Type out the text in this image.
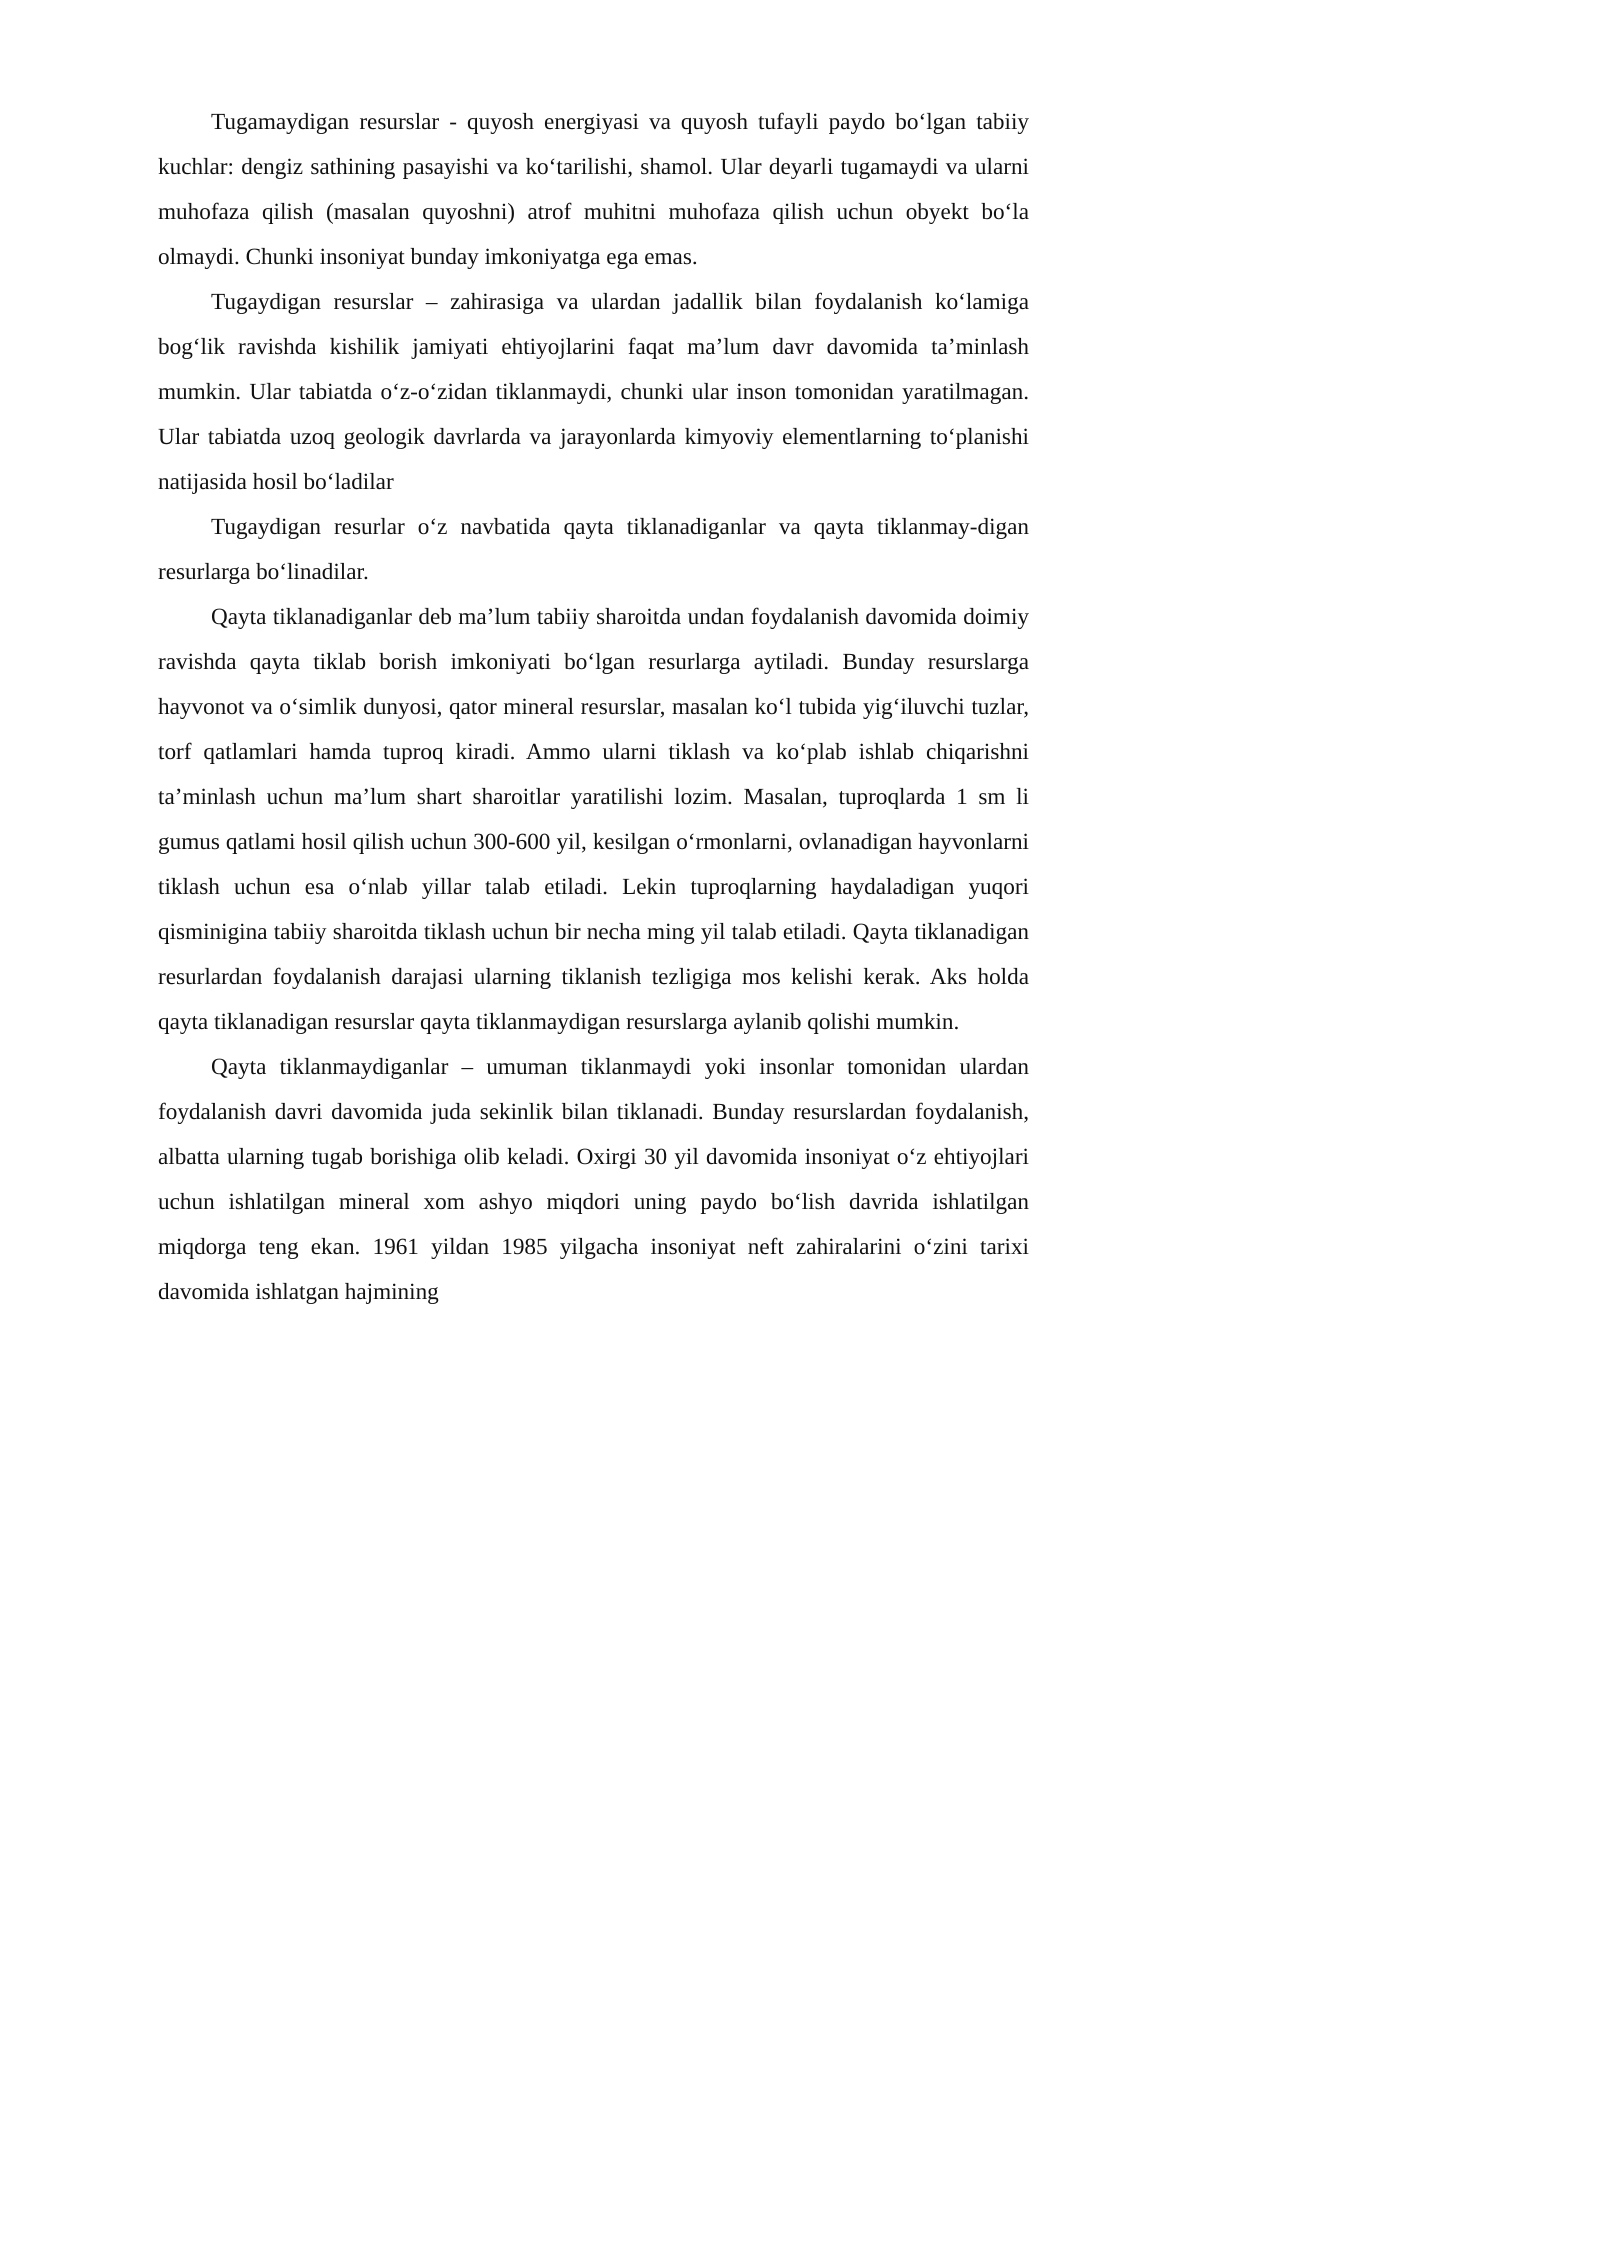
Tugamaydigan resurslar - quyosh energiyasi va quyosh tufayli paydo bo‘lgan tabiiy kuchlar: dengiz sathining pasayishi va ko‘tarilishi, shamol. Ular deyarli tugamaydi va ularni muhofaza qilish (masalan quyoshni) atrof muhitni muhofaza qilish uchun obyekt bo‘la olmaydi. Chunki insoniyat bunday imkoniyatga ega emas.

Tugaydigan resurslar – zahirasiga va ulardan jadallik bilan foydalanish ko‘lamiga bog‘lik ravishda kishilik jamiyati ehtiyojlarini faqat ma’lum davr davomida ta’minlash mumkin. Ular tabiatda o‘z-o‘zidan tiklanmaydi, chunki ular inson tomonidan yaratilmagan. Ular tabiatda uzoq geologik davrlarda va jarayonlarda kimyoviy elementlarning to‘planishi natijasida hosil bo‘ladilar

Tugaydigan resurlar o‘z navbatida qayta tiklanadiganlar va qayta tiklanmay-digan resurlarga bo‘linadilar.

Qayta tiklanadiganlar deb ma’lum tabiiy sharoitda undan foydalanish davomida doimiy ravishda qayta tiklab borish imkoniyati bo‘lgan resurlarga aytiladi. Bunday resurslarga hayvonot va o‘simlik dunyosi, qator mineral resurslar, masalan ko‘l tubida yig‘iluvchi tuzlar, torf qatlamlari hamda tuproq kiradi. Ammo ularni tiklash va ko‘plab ishlab chiqarishni ta’minlash uchun ma’lum shart sharoitlar yaratilishi lozim. Masalan, tuproqlarda 1 sm li gumus qatlami hosil qilish uchun 300-600 yil, kesilgan o‘rmonlarni, ovlanadigan hayvonlarni tiklash uchun esa o‘nlab yillar talab etiladi. Lekin tuproqlarning haydaladigan yuqori qisminigina tabiiy sharoitda tiklash uchun bir necha ming yil talab etiladi. Qayta tiklanadigan resurlardan foydalanish darajasi ularning tiklanish tezligiga mos kelishi kerak. Aks holda qayta tiklanadigan resurslar qayta tiklanmaydigan resurslarga aylanib qolishi mumkin.

Qayta tiklanmaydiganlar – umuman tiklanmaydi yoki insonlar tomonidan ulardan foydalanish davri davomida juda sekinlik bilan tiklanadi. Bunday resurslardan foydalanish, albatta ularning tugab borishiga olib keladi. Oxirgi 30 yil davomida insoniyat o‘z ehtiyojlari uchun ishlatilgan mineral xom ashyo miqdori uning paydo bo‘lish davrida ishlatilgan miqdorga teng ekan. 1961 yildan 1985 yilgacha insoniyat neft zahiralarini o‘zini tarixi davomida ishlatgan hajmining
